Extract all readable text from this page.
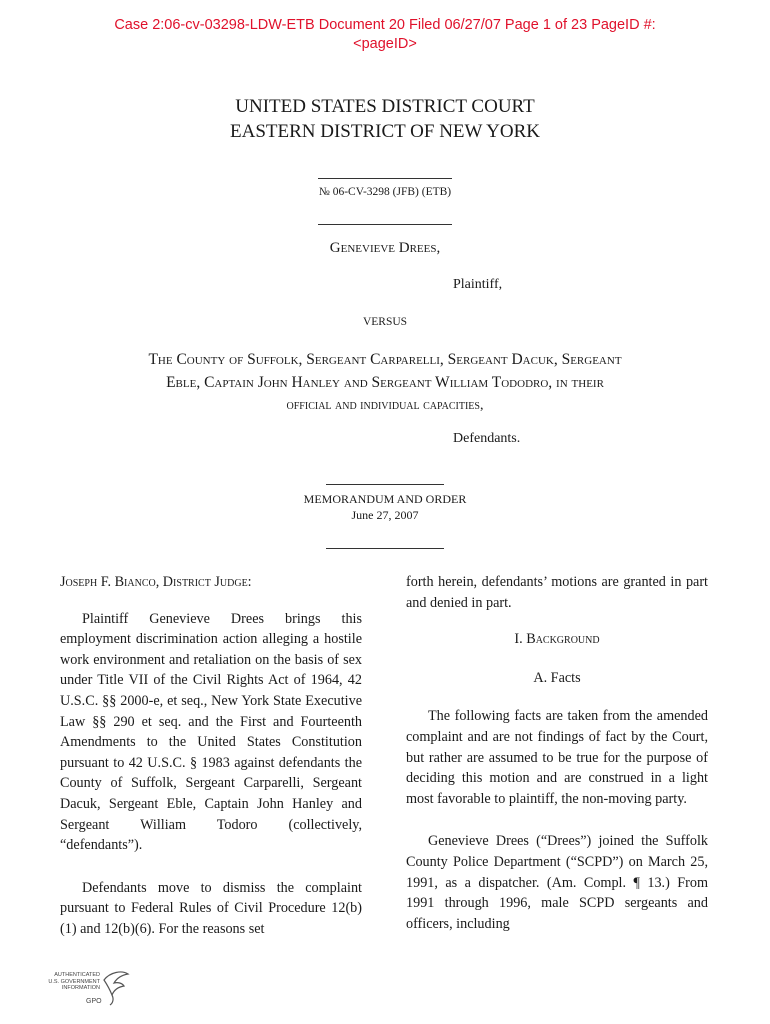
Case 2:06-cv-03298-LDW-ETB Document 20 Filed 06/27/07 Page 1 of 23 PageID #:
<pageID>
UNITED STATES DISTRICT COURT
EASTERN DISTRICT OF NEW YORK
№ 06-CV-3298 (JFB) (ETB)
Genevieve Drees,
Plaintiff,
VERSUS
The County of Suffolk, Sergeant Carparelli, Sergeant Dacuk, Sergeant
Eble, Captain John Hanley and Sergeant William Tododro, in their
official and individual capacities,
Defendants.
MEMORANDUM AND ORDER
June 27, 2007

Joseph F. Bianco, District Judge:

Plaintiff Genevieve Drees brings this employment discrimination action alleging a hostile work environment and retaliation on the basis of sex under Title VII of the Civil Rights Act of 1964, 42 U.S.C. §§ 2000-e, et seq., New York State Executive Law §§ 290 et seq. and the First and Fourteenth Amendments to the United States Constitution pursuant to 42 U.S.C. § 1983 against defendants the County of Suffolk, Sergeant Carparelli, Sergeant Dacuk, Sergeant Eble, Captain John Hanley and Sergeant William Todoro (collectively, “defendants”).

Defendants move to dismiss the complaint pursuant to Federal Rules of Civil Procedure 12(b)(1) and 12(b)(6). For the reasons set

forth herein, defendants’ motions are granted in part and denied in part.

I. Background
A. Facts

The following facts are taken from the amended complaint and are not findings of fact by the Court, but rather are assumed to be true for the purpose of deciding this motion and are construed in a light most favorable to plaintiff, the non-moving party.

Genevieve Drees (“Drees”) joined the Suffolk County Police Department (“SCPD”) on March 25, 1991, as a dispatcher. (Am. Compl. ¶ 13.) From 1991 through 1996, male SCPD sergeants and officers, including

AUTHENTICATED
U.S. GOVERNMENT
INFORMATION
GPO
